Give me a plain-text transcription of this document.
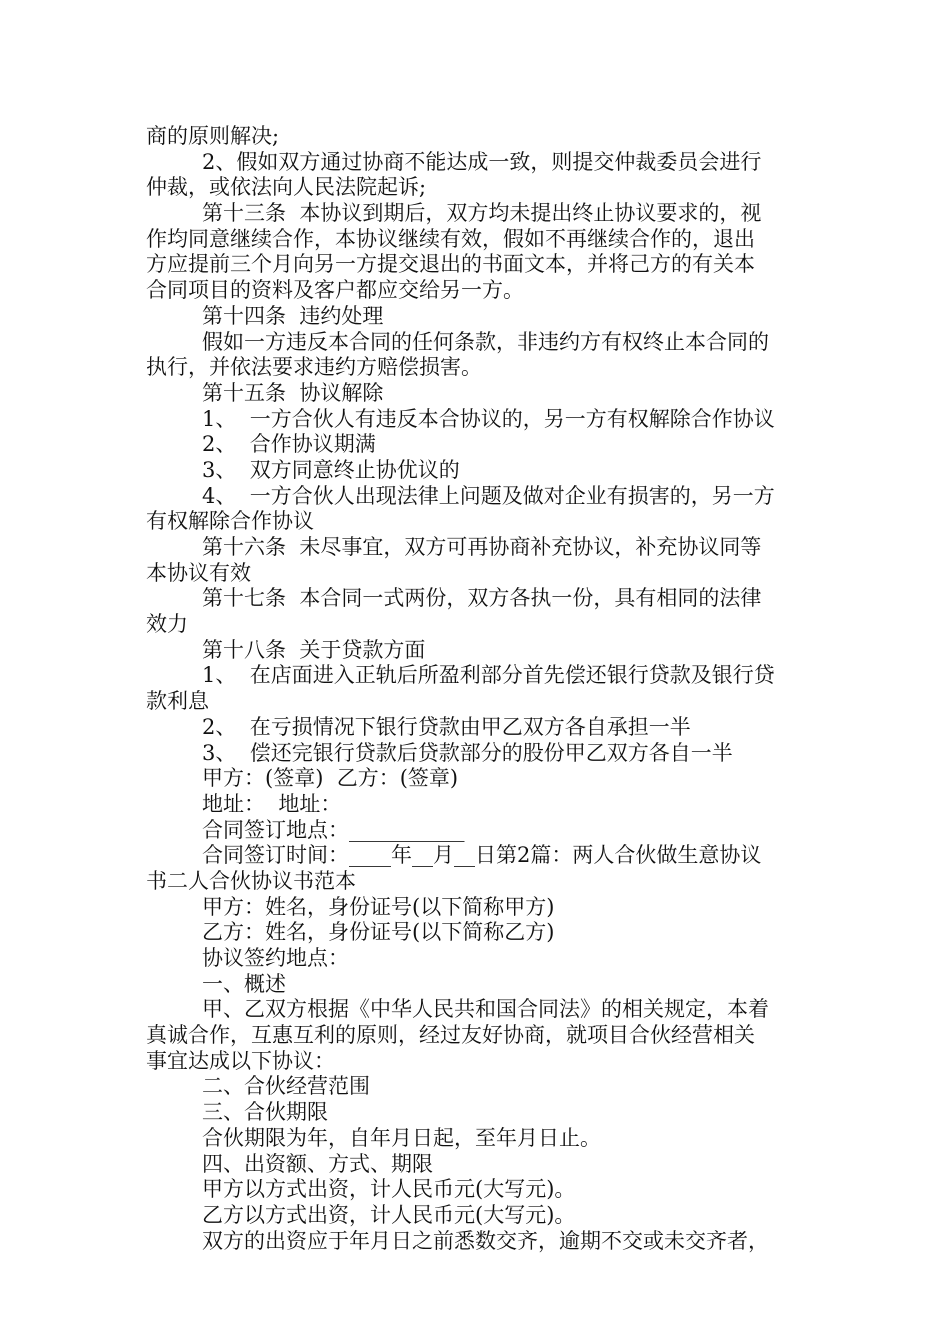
商的原则解决;
2、假如双方通过协商不能达成一致，则提交仲裁委员会进行
仲裁，或依法向人民法院起诉;
第十三条  本协议到期后，双方均未提出终止协议要求的，视
作均同意继续合作，本协议继续有效，假如不再继续合作的，退出
方应提前三个月向另一方提交退出的书面文本，并将己方的有关本
合同项目的资料及客户都应交给另一方。
第十四条  违约处理
假如一方违反本合同的任何条款，非违约方有权终止本合同的
执行，并依法要求违约方赔偿损害。
第十五条  协议解除
1、  一方合伙人有违反本合协议的，另一方有权解除合作协议
2、  合作协议期满
3、  双方同意终止协优议的
4、  一方合伙人出现法律上问题及做对企业有损害的，另一方
有权解除合作协议
第十六条  未尽事宜，双方可再协商补充协议，补充协议同等
本协议有效
第十七条  本合同一式两份，双方各执一份，具有相同的法律
效力
第十八条  关于贷款方面
1、  在店面进入正轨后所盈利部分首先偿还银行贷款及银行贷
款利息
2、  在亏损情况下银行贷款由甲乙双方各自承担一半
3、  偿还完银行贷款后贷款部分的股份甲乙双方各自一半
甲方：(签章)  乙方：(签章)
地址：  地址：
合同签订地点：___________
合同签订时间：____年__月__日第2篇：两人合伙做生意协议
书二人合伙协议书范本
甲方：姓名，身份证号(以下简称甲方)
乙方：姓名，身份证号(以下简称乙方)
协议签约地点：
一、概述
甲、乙双方根据《中华人民共和国合同法》的相关规定，本着
真诚合作，互惠互利的原则，经过友好协商，就项目合伙经营相关
事宜达成以下协议：
二、合伙经营范围
三、合伙期限
合伙期限为年，自年月日起，至年月日止。
四、出资额、方式、期限
甲方以方式出资，计人民币元(大写元)。
乙方以方式出资，计人民币元(大写元)。
双方的出资应于年月日之前悉数交齐，逾期不交或未交齐者，
